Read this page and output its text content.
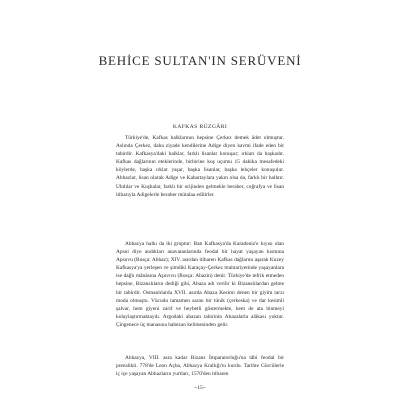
BEHİCE SULTAN'IN SERÜVENİ
KAFKAS RÜZGÂRI

Türkiye'de, Kafkas halklarının hepsine Çerkez demek âdet olmuştur. Aslında Çerkez, daha ziyade kendilerine Adige diyen kavmi ifade eden bir tabirdir. Kafkasya'daki halklar, farklı lisanlar konuşur; ırkları da başkadır. Kafkas dağlarının eteklerinde, birbirine kuş uçumu 15 dakika mesafedeki köylerde, başka ırklar yaşar, başka lisanlar, başka lehçeler konuşulur. Abhazlar, lisan olarak Adige ve Kabartaylara yakın olsa da, farklı bir halktır. Ubıhlar ve Kuşhalar, farklı bir orijinden gelmekle beraber, coğrafya ve lisan itibarıyla Adigelerle beraber mütalaa edilirler.

Abhazya halkı da iki gruptur: Batı Kafkasya'da Karadeniz'e kıyısı olan Apsni diye andıkları anavatanlarında feodal bir hayat yaşayan kısmına Apsuvu (Rusça: Abhaz); XIV. asırdan itibaren Kafkas dağlarını aşarak Kuzey Kafkasya'ya yerleşen ve şimdiki Karaçay-Çerkez muhtariyetinde yaşayanlara ise dağlı mânâsına Aşuvıvu (Rusça: Abazin) denir. Türkiye'de tefrik etmeden hepsine, Bizanslıların dediği gibi, Abaza adı verilir ki Bizanslılardan gelme bir tabirdir. Osmanlılarda XVII. asırda Abaza Kesimi denen bir giyim tarzı moda olmuştu. Vücudu tamamen saran bir tünik (çerkeska) ve dar kesimli şalvar, hem giyeni zarif ve heybetli göstermekte, hem de ata binmeyi kolaylaştırmaktaydı. Argodaki abazan tabirinin Abazalarla alâkası yoktur. Çingenece üç manasına habezan kelimesinden gelir.

Abhazya, VIII. asra kadar Bizans İmparatorluğu'na tâbi feodal bir prenslikti. 778'de Leon Açba, Abhazya Krallığı'nı kurdu. Tarihte Gürcülerle iç içe yaşayan Abhazların yurtları, 1570'den itibaren

~15~
